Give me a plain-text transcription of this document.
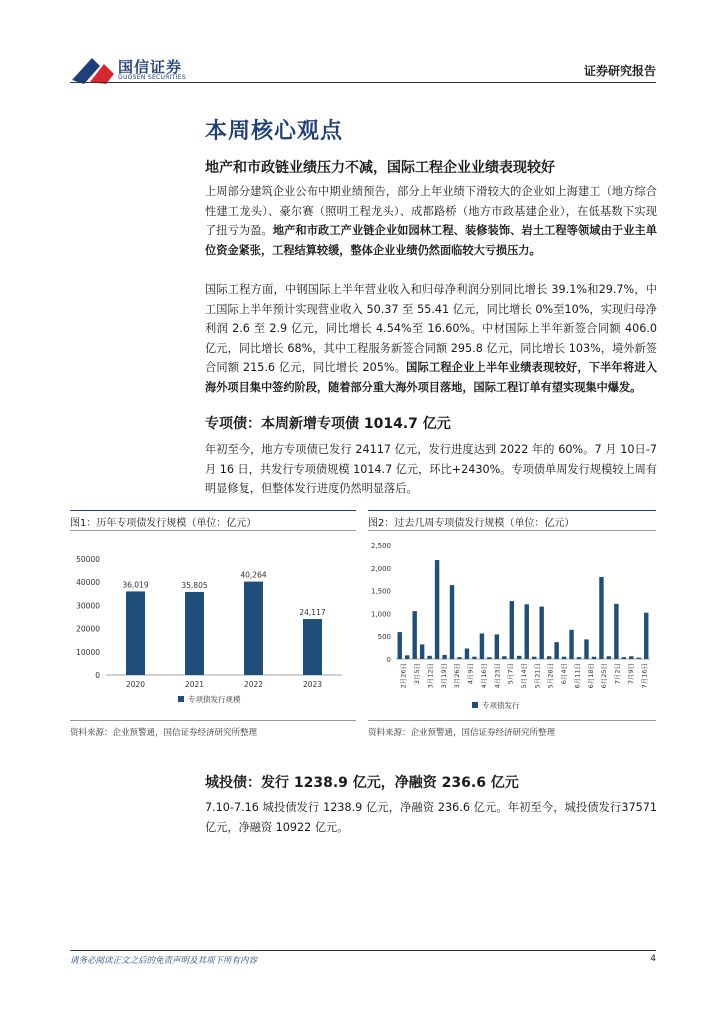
国信证券
GUOSEN SECURITIES	证券研究报告
本周核心观点
地产和市政链业绩压力不减，国际工程企业业绩表现较好
上周部分建筑企业公布中期业绩预告，部分上年业绩下滑较大的企业如上海建工（地方综合性建工龙头）、豪尔赛（照明工程龙头）、成都路桥（地方市政基建企业），在低基数下实现了扭亏为盈。地产和市政工产业链企业如园林工程、装修装饰、岩土工程等领域由于业主单位资金紧张，工程结算较缓，整体企业业绩仍然面临较大亏损压力。
国际工程方面，中钢国际上半年营业收入和归母净利润分别同比增长 39.1%和29.7%，中工国际上半年预计实现营业收入 50.37 至 55.41 亿元，同比增长 0%至10%，实现归母净利润 2.6 至 2.9 亿元，同比增长 4.54%至 16.60%。中材国际上半年新签合同额 406.0 亿元，同比增长 68%，其中工程服务新签合同额 295.8 亿元，同比增长 103%，境外新签合同额 215.6 亿元，同比增长 205%。国际工程企业上半年业绩表现较好，下半年将进入海外项目集中签约阶段，随着部分重大海外项目落地，国际工程订单有望实现集中爆发。
专项债：本周新增专项债 1014.7 亿元
年初至今，地方专项债已发行 24117 亿元，发行进度达到 2022 年的 60%。7 月 10日-7 月 16 日，共发行专项债规模 1014.7 亿元，环比+2430%。专项债单周发行规模较上周有明显修复，但整体发行进度仍然明显落后。
图1：历年专项债发行规模（单位：亿元）
0
10000
20000
30000
40000
50000
36,019
2020
35,805
2021
40,264
2022
24,117
2023
专项债发行规模
资料来源：企业预警通，国信证券经济研究所整理
图2：过去几周专项债发行规模（单位：亿元）
0
500
1,000
1,500
2,000
2,500
2月26日 3月5日 3月12日 3月19日 3月26日 4月9日 4月16日 4月23日 5月7日 5月14日 5月21日 5月28日 6月4日 6月11日 6月18日 6月25日 7月2日 7月9日 7月16日
专项债发行
资料来源：企业预警通，国信证券经济研究所整理
城投债：发行 1238.9 亿元，净融资 236.6 亿元
7.10-7.16 城投债发行 1238.9 亿元，净融资 236.6 亿元。年初至今，城投债发行37571 亿元，净融资 10922 亿元。
请务必阅读正文之后的免责声明及其项下所有内容	4
